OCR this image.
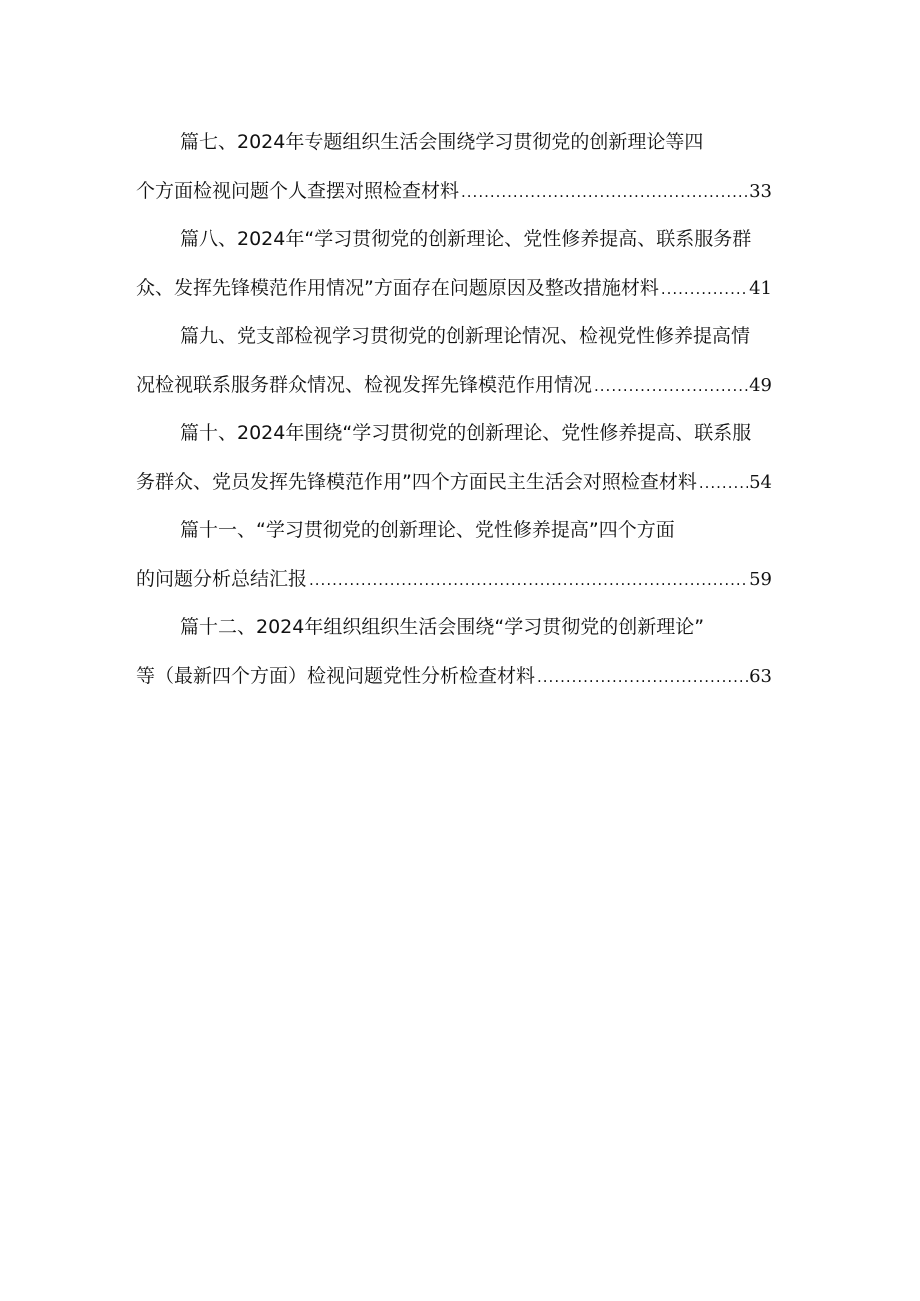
篇七、2024年专题组织生活会围绕学习贯彻党的创新理论等四
个方面检视问题个人查摆对照检查材料 .....	33
篇八、2024年“学习贯彻党的创新理论、党性修养提高、联系服务群
众、发挥先锋模范作用情况”方面存在问题原因及整改措施材料 .....	41
篇九、党支部检视学习贯彻党的创新理论情况、检视党性修养提高情
况检视联系服务群众情况、检视发挥先锋模范作用情况 .....	49
篇十、2024年围绕“学习贯彻党的创新理论、党性修养提高、联系服
务群众、党员发挥先锋模范作用”四个方面民主生活会对照检查材料 .....	54
篇十一、“学习贯彻党的创新理论、党性修养提高”四个方面
的问题分析总结汇报 .....	59
篇十二、2024年组织组织生活会围绕“学习贯彻党的创新理论”
等（最新四个方面）检视问题党性分析检查材料 .....	63
